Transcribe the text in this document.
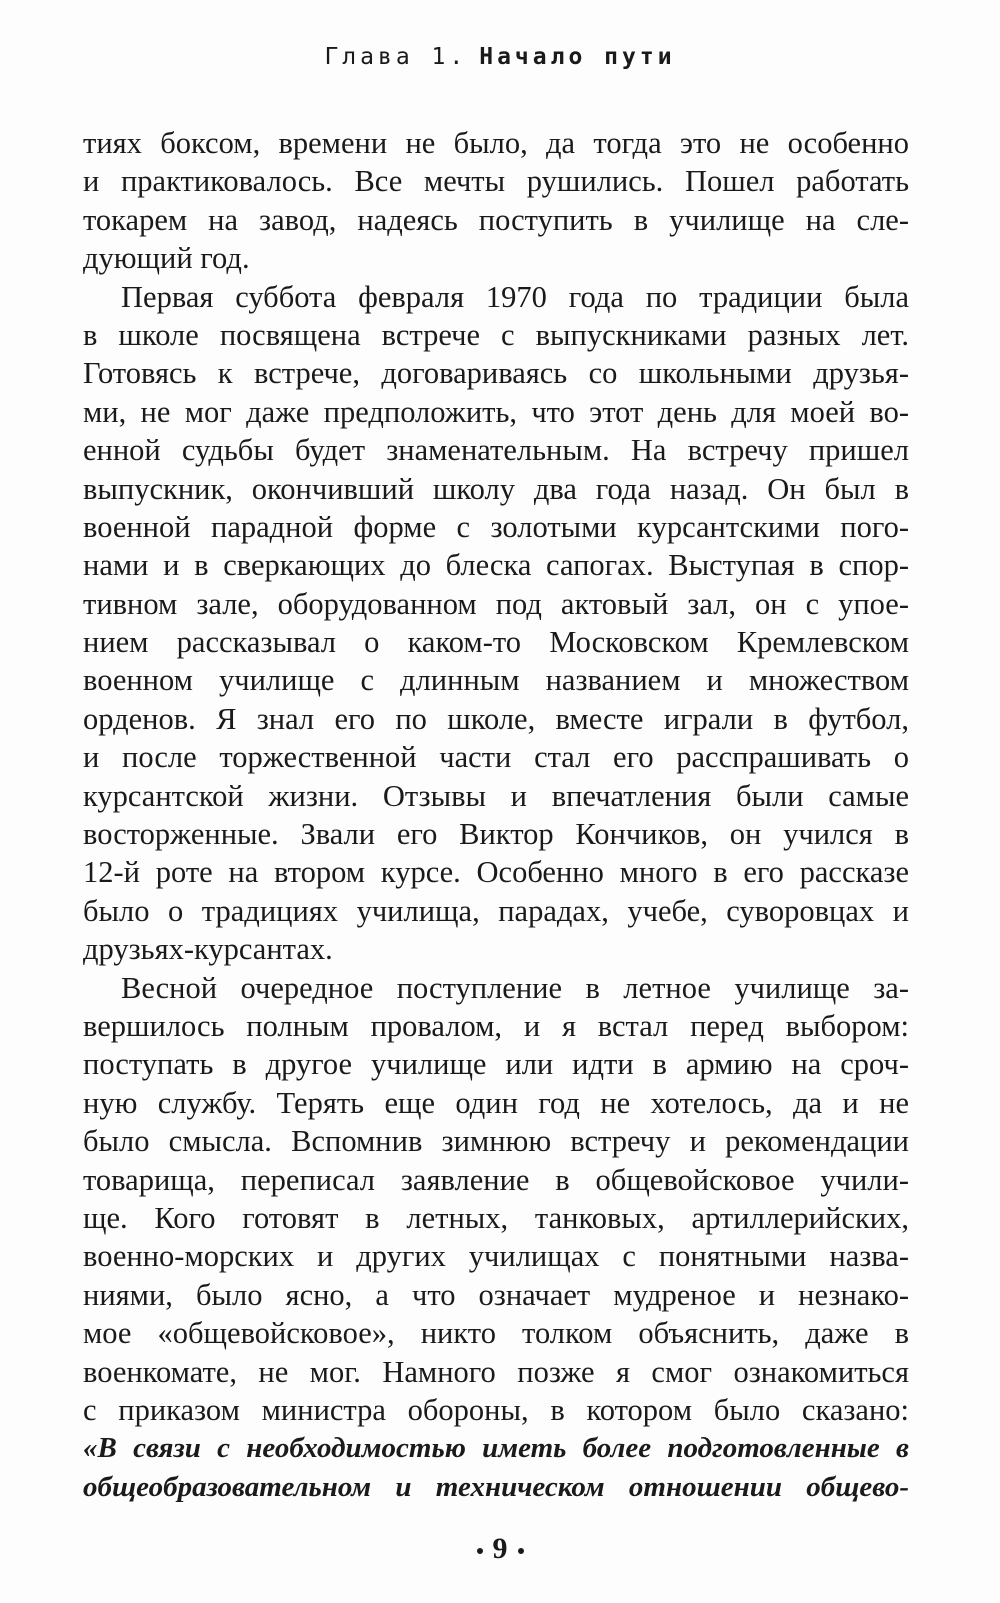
Глава 1. Начало пути
тиях боксом, времени не было, да тогда это не особенно
и практиковалось. Все мечты рушились. Пошел работать
токарем на завод, надеясь поступить в училище на сле-
дующий год.
Первая суббота февраля 1970 года по традиции была
в школе посвящена встрече с выпускниками разных лет.
Готовясь к встрече, договариваясь со школьными друзья-
ми, не мог даже предположить, что этот день для моей во-
енной судьбы будет знаменательным. На встречу пришел
выпускник, окончивший школу два года назад. Он был в
военной парадной форме с золотыми курсантскими пого-
нами и в сверкающих до блеска сапогах. Выступая в спор-
тивном зале, оборудованном под актовый зал, он с упое-
нием рассказывал о каком-то Московском Кремлевском
военном училище с длинным названием и множеством
орденов. Я знал его по школе, вместе играли в футбол,
и после торжественной части стал его расспрашивать о
курсантской жизни. Отзывы и впечатления были самые
восторженные. Звали его Виктор Кончиков, он учился в
12-й роте на втором курсе. Особенно много в его рассказе
было о традициях училища, парадах, учебе, суворовцах и
друзьях-курсантах.
Весной очередное поступление в летное училище за-
вершилось полным провалом, и я встал перед выбором:
поступать в другое училище или идти в армию на сроч-
ную службу. Терять еще один год не хотелось, да и не
было смысла. Вспомнив зимнюю встречу и рекомендации
товарища, переписал заявление в общевойсковое учили-
ще. Кого готовят в летных, танковых, артиллерийских,
военно-морских и других училищах с понятными назва-
ниями, было ясно, а что означает мудреное и незнако-
мое «общевойсковое», никто толком объяснить, даже в
военкомате, не мог. Намного позже я смог ознакомиться
с приказом министра обороны, в котором было сказано:
«В связи с необходимостью иметь более подготовленные в
общеобразовательном и техническом отношении общево-
9
